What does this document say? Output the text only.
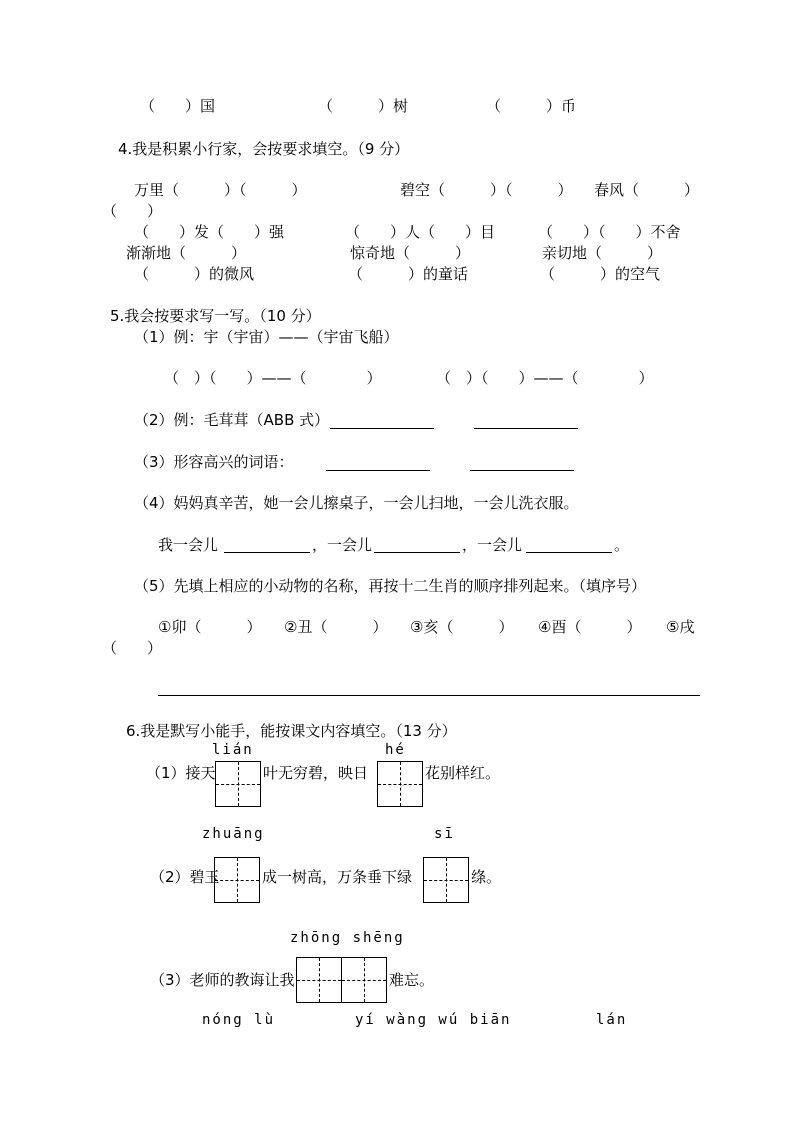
（　　）国	（　　　）树	（　　　）币
4.我是积累小行家，会按要求填空。（9 分）
万里（　　　）（　　　）	碧空（　　　）（　　　） 春风（　　　）
（　　）
（　　）发（　　）强	（　　）人（　　）目	（　　）（　　）不舍
渐渐地（　　　）	惊奇地（　　　）	亲切地（　　　）
（　　　）的微风	（　　　）的童话	（　　　）的空气
5.我会按要求写一写。（10 分）
（1）例：宇（宇宙）——（宇宙飞船）
（　）（　　）——（　　　　）	（　）（　　）——（　　　　）
（2）例：毛茸茸（ABB 式）
（3）形容高兴的词语：
（4）妈妈真辛苦，她一会儿擦桌子，一会儿扫地，一会儿洗衣服。
我一会儿	，一会儿	，一会儿	。
（5）先填上相应的小动物的名称，再按十二生肖的顺序排列起来。（填序号）
①卯（　　　） ②丑（　　　） ③亥（　　　） ④酉（　　　） ⑤戌
（　　）
6.我是默写小能手，能按课文内容填空。（13 分）
lián	hé
（1）接天	叶无穷碧，映日	花别样红。
zhuāng	sī
（2）碧玉	成一树高，万条垂下绿	绦。
zhōng shēng
（3）老师的教诲让我	难忘。
nóng lù	yí wàng wú biān	lán
